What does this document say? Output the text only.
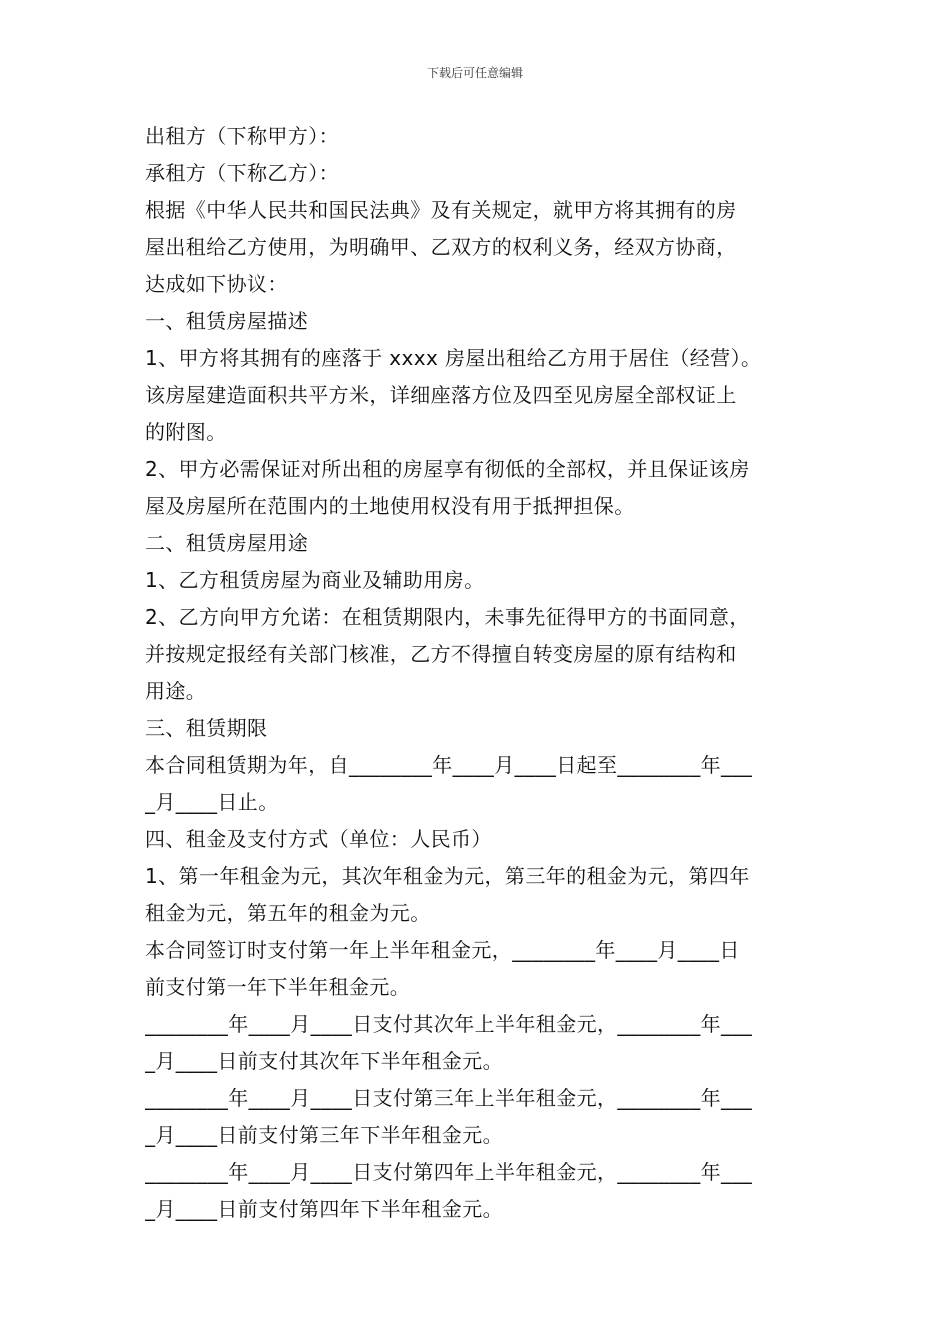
下载后可任意编辑
出租方（下称甲方）：
承租方（下称乙方）：
根据《中华人民共和国民法典》及有关规定，就甲方将其拥有的房
屋出租给乙方使用，为明确甲、乙双方的权利义务，经双方协商，
达成如下协议：
一、租赁房屋描述
1、甲方将其拥有的座落于 xxxx 房屋出租给乙方用于居住（经营）。
该房屋建造面积共平方米，详细座落方位及四至见房屋全部权证上
的附图。
2、甲方必需保证对所出租的房屋享有彻低的全部权，并且保证该房
屋及房屋所在范围内的土地使用权没有用于抵押担保。
二、租赁房屋用途
1、乙方租赁房屋为商业及辅助用房。
2、乙方向甲方允诺：在租赁期限内，未事先征得甲方的书面同意，
并按规定报经有关部门核准，乙方不得擅自转变房屋的原有结构和
用途。
三、租赁期限
本合同租赁期为年，自________年____月____日起至________年___
_月____日止。
四、租金及支付方式（单位：人民币）
1、第一年租金为元，其次年租金为元，第三年的租金为元，第四年
租金为元，第五年的租金为元。
本合同签订时支付第一年上半年租金元，________年____月____日
前支付第一年下半年租金元。
________年____月____日支付其次年上半年租金元，________年___
_月____日前支付其次年下半年租金元。
________年____月____日支付第三年上半年租金元，________年___
_月____日前支付第三年下半年租金元。
________年____月____日支付第四年上半年租金元，________年___
_月____日前支付第四年下半年租金元。
